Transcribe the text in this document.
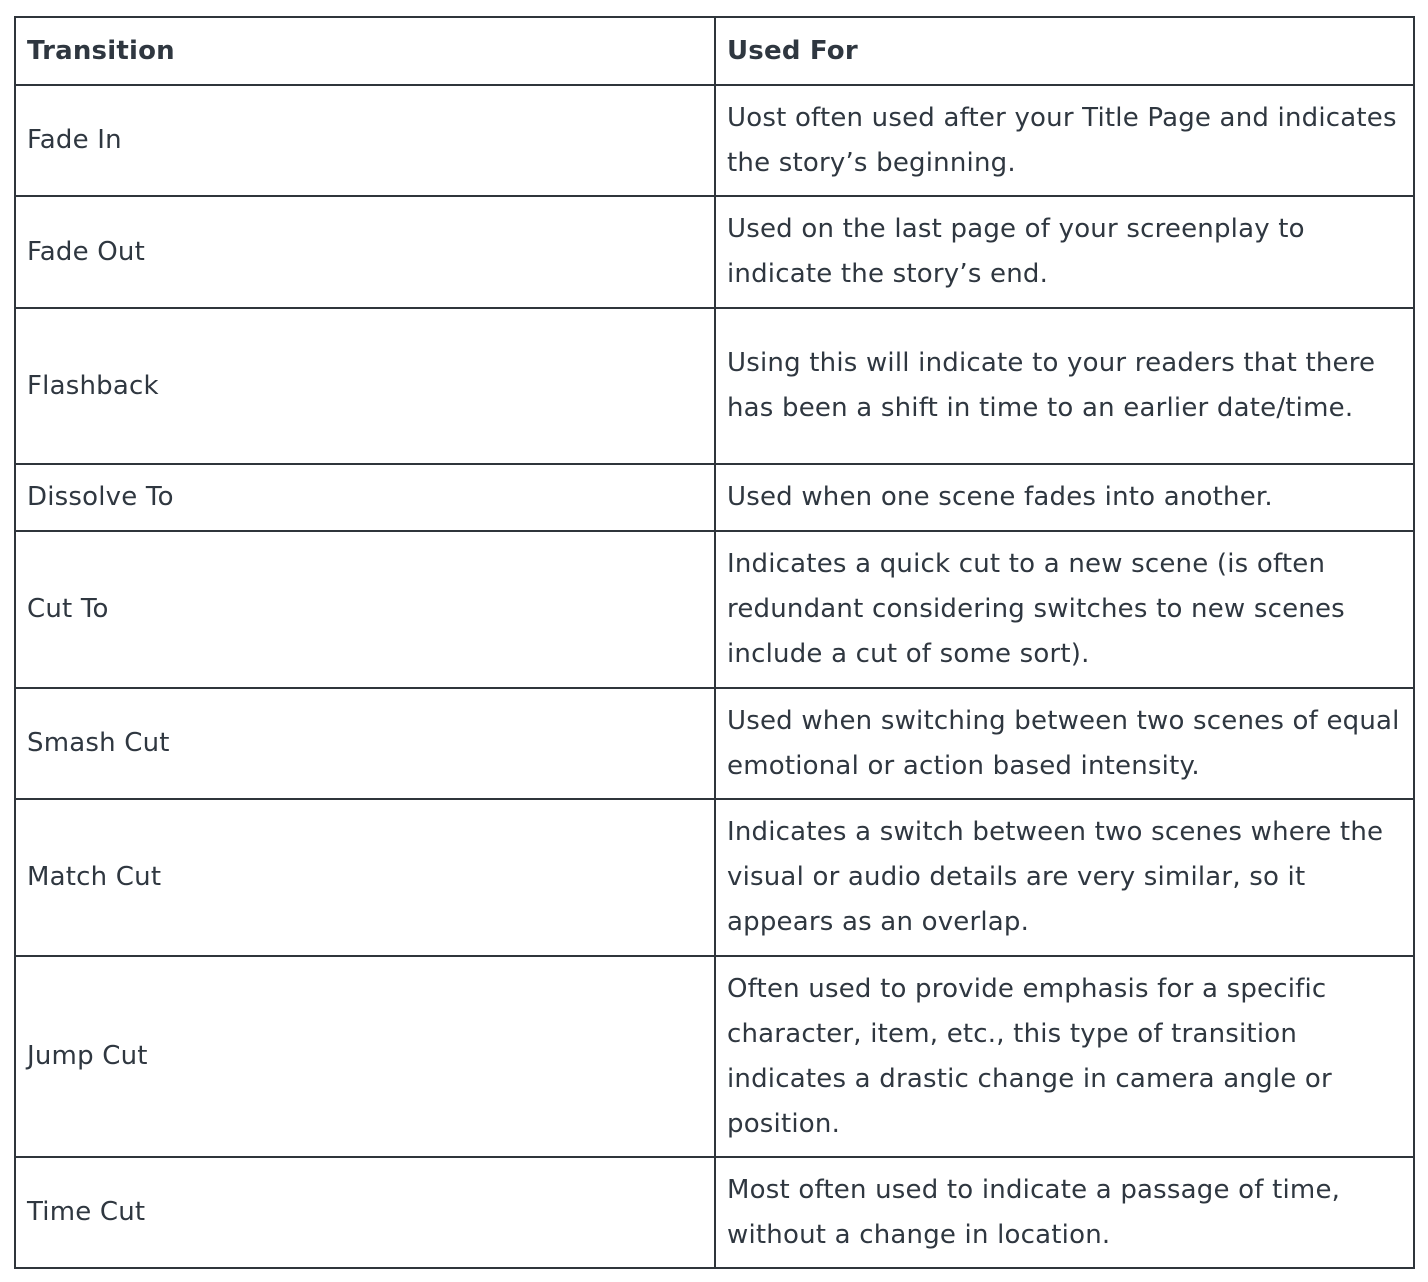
Transition	Used For
Fade In	Uost often used after your Title Page and indicates the story’s beginning.
Fade Out	Used on the last page of your screenplay to indicate the story’s end.
Flashback	Using this will indicate to your readers that there has been a shift in time to an earlier date/time.
Dissolve To	Used when one scene fades into another.
Cut To	Indicates a quick cut to a new scene (is often redundant considering switches to new scenes include a cut of some sort).
Smash Cut	Used when switching between two scenes of equal emotional or action based intensity.
Match Cut	Indicates a switch between two scenes where the visual or audio details are very similar, so it appears as an overlap.
Jump Cut	Often used to provide emphasis for a specific character, item, etc., this type of transition indicates a drastic change in camera angle or position.
Time Cut	Most often used to indicate a passage of time, without a change in location.
